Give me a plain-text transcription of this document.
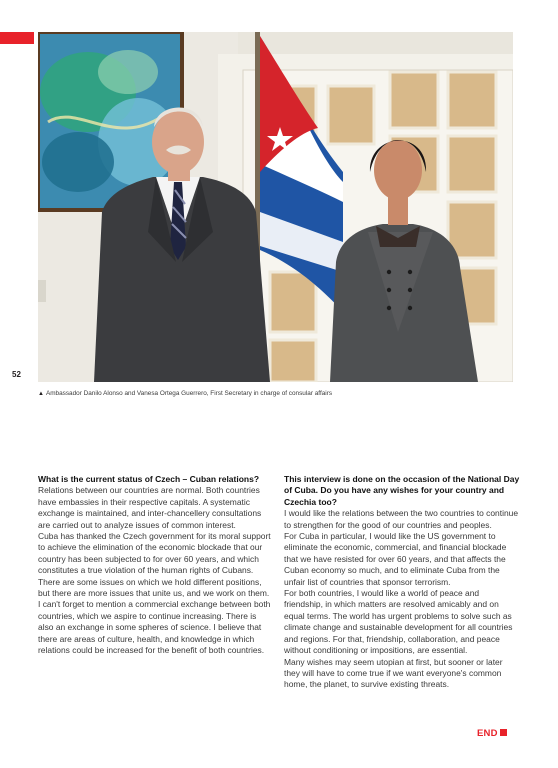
52
▲ Ambassador Danilo Alonso and Vanesa Ortega Guerrero, First Secretary in charge of consular affairs
What is the current status of Czech – Cuban relations?

Relations between our countries are normal. Both countries have embassies in their respective capitals. A systematic exchange is maintained, and inter-chancellery consultations are carried out to analyze issues of common interest.

Cuba has thanked the Czech government for its moral support to achieve the elimination of the economic blockade that our country has been subjected to for over 60 years, and which constitutes a true violation of the human rights of Cubans.

There are some issues on which we hold different positions, but there are more issues that unite us, and we work on them.

I can't forget to mention a commercial exchange between both countries, which we aspire to continue increasing. There is also an exchange in some spheres of science. I believe that there are areas of culture, health, and knowledge in which relations could be increased for the benefit of both countries.

This interview is done on the occasion of the National Day of Cuba. Do you have any wishes for your country and Czechia too?

I would like the relations between the two countries to continue to strengthen for the good of our countries and peoples.

For Cuba in particular, I would like the US government to eliminate the economic, commercial, and financial blockade that we have resisted for over 60 years, and that affects the Cuban economy so much, and to eliminate Cuba from the unfair list of countries that sponsor terrorism.

For both countries, I would like a world of peace and friendship, in which matters are resolved amicably and on equal terms. The world has urgent problems to solve such as climate change and sustainable development for all countries and regions. For that, friendship, collaboration, and peace without conditioning or impositions, are essential.

Many wishes may seem utopian at first, but sooner or later they will have to come true if we want everyone's common home, the planet, to survive existing threats.

END
